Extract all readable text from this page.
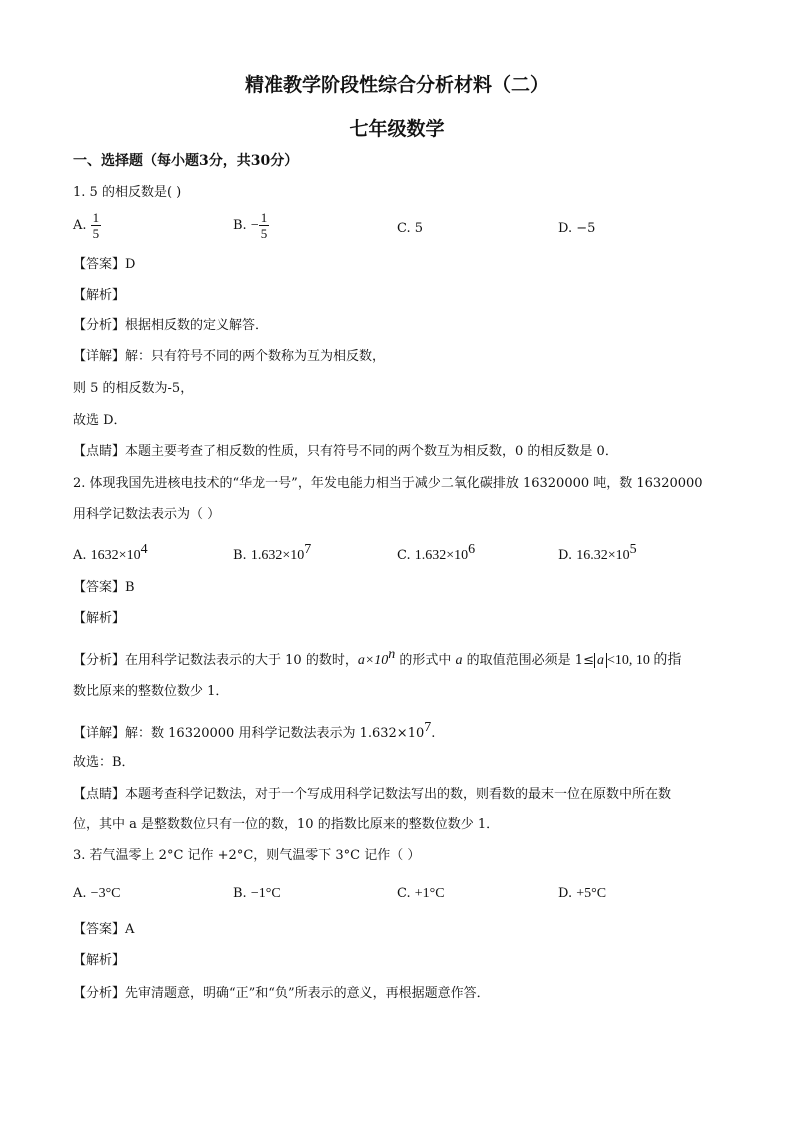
精准教学阶段性综合分析材料（二）
七年级数学
一、选择题（每小题3分，共30分）
1. 5 的相反数是( )
A. $\frac{1}{5}$	B. − $\frac{1}{5}$	C. 5	D. −5
【答案】D
【解析】
【分析】根据相反数的定义解答．
【详解】解：只有符号不同的两个数称为互为相反数，
则 5 的相反数为-5，
故选 D．
【点睛】本题主要考查了相反数的性质，只有符号不同的两个数互为相反数，0 的相反数是 0．
2. 体现我国先进核电技术的“华龙一号”，年发电能力相当于减少二氧化碳排放 16320000 吨，数 16320000
用科学记数法表示为（ ）
A. $1632\times 10^4$	B. $1.632\times 10^7$	C. $1.632\times 10^6$	D. $16.32\times 10^5$
【答案】B
【解析】
【分析】在用科学记数法表示的大于 10 的数时，$a\times 10^n$ 的形式中 a 的取值范围必须是 1≤ a <10, 10 的指
数比原来的整数位数少 1．
【详解】解：数 16320000 用科学记数法表示为 $1.632\times 10^7$.
故选：B．
【点睛】本题考查科学记数法，对于一个写成用科学记数法写出的数，则看数的最末一位在原数中所在数
位，其中 a 是整数数位只有一位的数，10 的指数比原来的整数位数少 1．
3. 若气温零上 2°C 记作 +2°C，则气温零下 3°C 记作（ ）
A. −3°C	B. −1°C	C. +1°C	D. +5°C
【答案】A
【解析】
【分析】先审清题意，明确“正”和“负”所表示的意义，再根据题意作答．
